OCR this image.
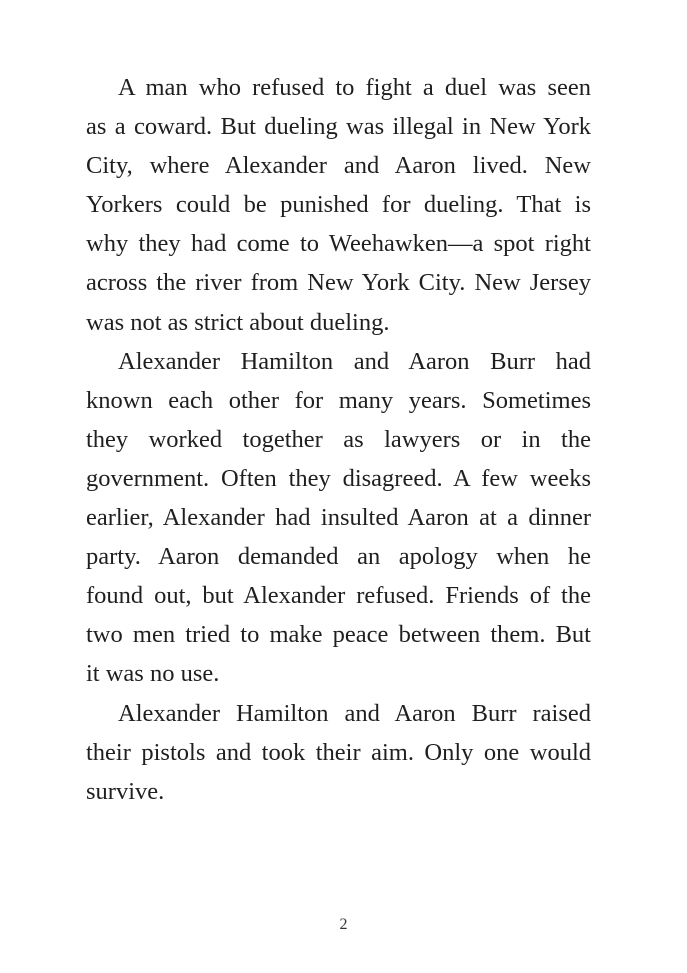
A man who refused to fight a duel was seen
as a coward. But dueling was illegal in New York
City, where Alexander and Aaron lived. New
Yorkers could be punished for dueling. That is
why they had come to Weehawken—a spot right
across the river from New York City. New Jersey
was not as strict about dueling.

Alexander Hamilton and Aaron Burr had
known each other for many years. Sometimes
they worked together as lawyers or in the
government. Often they disagreed. A few weeks
earlier, Alexander had insulted Aaron at a dinner
party. Aaron demanded an apology when he
found out, but Alexander refused. Friends of the
two men tried to make peace between them. But
it was no use.

Alexander Hamilton and Aaron Burr raised
their pistols and took their aim. Only one would
survive.

2
